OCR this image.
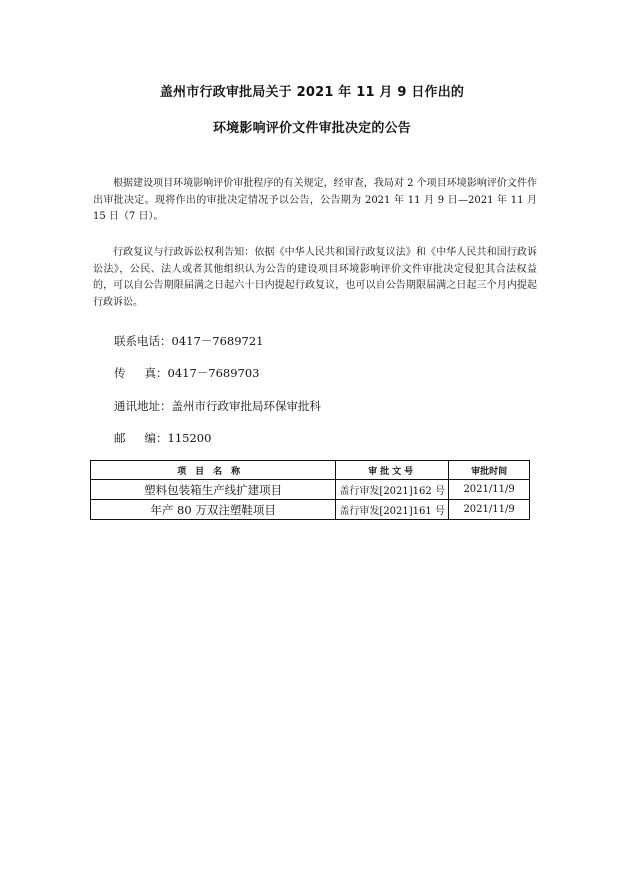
盖州市行政审批局关于 2021 年 11 月 9 日作出的
环境影响评价文件审批决定的公告

根据建设项目环境影响评价审批程序的有关规定，经审查，我局对 2 个项目环境影响评价文件作出审批决定。现将作出的审批决定情况予以公告，公告期为 2021 年 11 月 9 日—2021 年 11 月 15 日（7 日）。

行政复议与行政诉讼权利告知：依据《中华人民共和国行政复议法》和《中华人民共和国行政诉讼法》，公民、法人或者其他组织认为公告的建设项目环境影响评价文件审批决定侵犯其合法权益的，可以自公告期限届满之日起六十日内提起行政复议，也可以自公告期限届满之日起三个月内提起行政诉讼。

联系电话：0417－7689721
传真：0417－7689703
通讯地址：盖州市行政审批局环保审批科
邮编：115200
项目名称	审批文号	审批时间
塑料包装箱生产线扩建项目	盖行审发[2021]162 号	2021/11/9
年产 80 万双注塑鞋项目	盖行审发[2021]161 号	2021/11/9
